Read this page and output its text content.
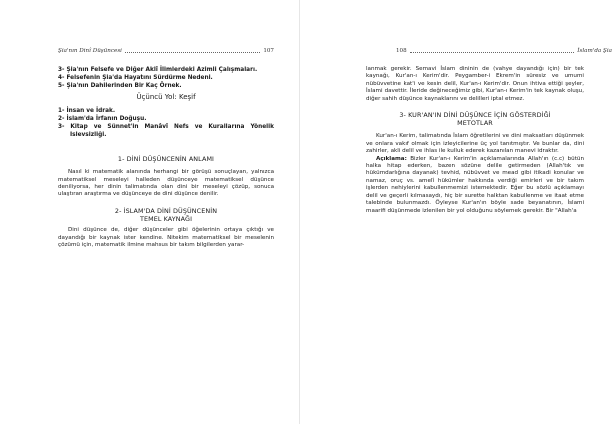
Şia'nın Dinî Düşüncesi	107
3- Şia'nın Felsefe ve Diğer Aklî İlimlerdeki Azimli Çalışmaları.
4- Felsefenin Şia'da Hayatını Sürdürme Nedeni.
5- Şia'nın Dahilerinden Bir Kaç Örnek.
Üçüncü Yol: Keşif
1- İnsan ve İdrak.
2- İslam'da İrfanın Doğuşu.
3- Kitap ve Sünnet'in Manâvî Nefs ve Kurallarına Yönelik Islevsizliği.
1- DİNİ DÜŞÜNCENİN ANLAMI

Nasıl ki matematik alanında herhangi bir görüşü sonuçlayan, yalnızca matematiksel meseleyi halleden düşünceye matematiksel düşünce deniliyorsa, her dinin talimatında olan dini bir meseleyi çözüp, sonuca ulaştıran araştırma ve düşünceye de dini düşünce denilir.

2- İSLAM'DA DİNİ DÜŞÜNCENİN
TEMEL KAYNAĞI

Dini düşünce de, diğer düşünceler gibi öğelerinin ortaya çıktığı ve dayandığı bir kaynak ister kendine. Nitekim matematiksel bir meselenin çözümü için, matematik ilmine mahsus bir takım bilgilerden yarar-

108	İslam'da Şia

lanmak gerekir. Semavi İslam dininin de (vahye dayandığı için) bir tek kaynağı, Kur'an-ı Kerim'dir. Peygamber-i Ekrem'in süresiz ve umumi nübüvvetine kat'i ve kesin delil, Kur'an-ı Kerim'dir. Onun ihtiva ettiği şeyler, İslami davettir. İleride değineceğimiz gibi, Kur'an-ı Kerim'in tek kaynak oluşu, diğer sahih düşünce kaynaklarını ve delilleri iptal etmez.

3- KUR'AN'IN DİNİ DÜŞÜNCE İÇİN GÖSTERDİĞİ
METOTLAR

Kur'an-ı Kerim, talimatında İslam öğretilerini ve dini maksatları düşünmek ve onlara vakıf olmak için izleyicilerine üç yol tanıtmıştır. Ve bunlar da, dini zahirler, akli delil ve ihlas ile kulluk ederek kazanılan manevi idraktır.

Açıklama: Bizler Kur'an-ı Kerim'in açıklamalarında Allah'ın (c.c) bütün halka hitap ederken, bazen sözüne delile getirmeden (Allah'tık ve hükümdarlığına dayanak) tevhid, nübüvvet ve mead gibi itikadi konular ve namaz, oruç vs. amelî hükümler hakkında verdiği emirleri ve bir takım işlerden nehiylerini kabullenmemizi istemektedir. Eğer bu sözlü açıklamayı delil ve geçerli kılmasaydı, hiç bir surette halktan kabullenme ve itaat etme talebinde bulunmazdı. Öyleyse Kur'an'ın böyle sade beyanatının, İslami maarifi düşünmede izlenilen bir yol olduğunu söylemek gerekir. Bir "Allah'a
